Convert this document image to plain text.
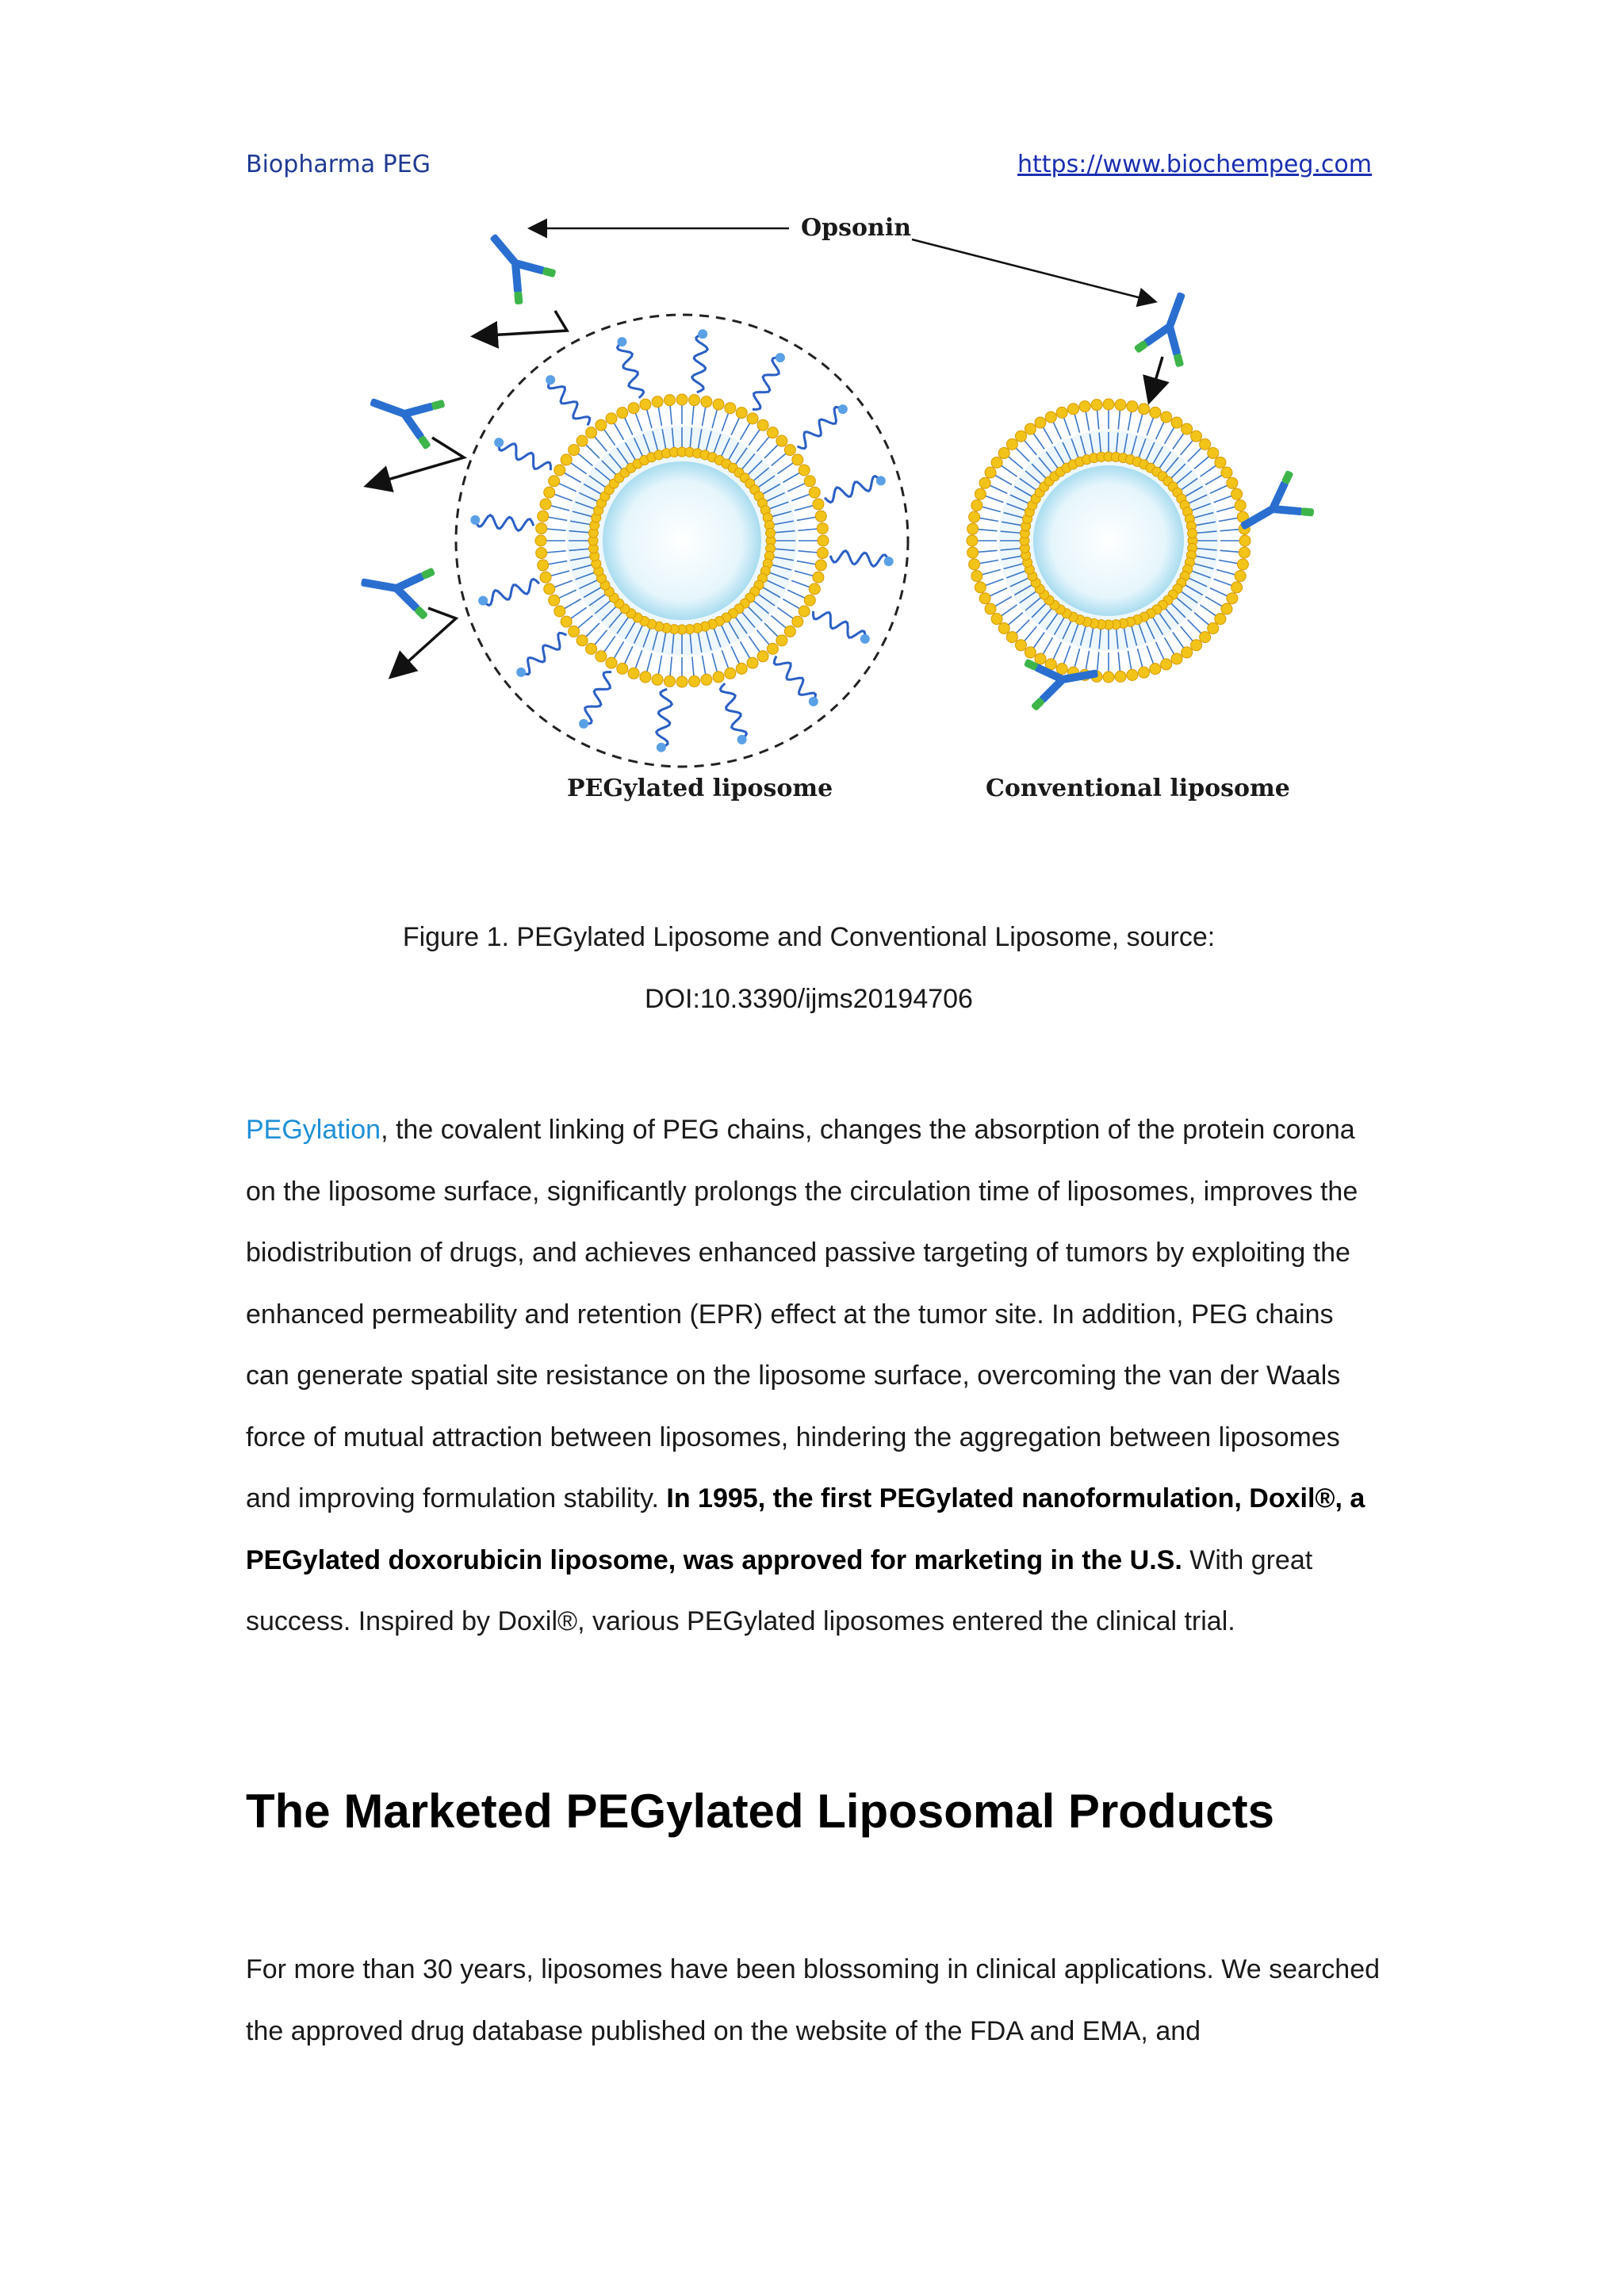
Biopharma PEG	https://www.biochempeg.com
Opsonin
PEGylated liposome	Conventional liposome
Figure 1. PEGylated Liposome and Conventional Liposome, source:
DOI:10.3390/ijms20194706
PEGylation, the covalent linking of PEG chains, changes the absorption of the protein corona on the liposome surface, significantly prolongs the circulation time of liposomes, improves the biodistribution of drugs, and achieves enhanced passive targeting of tumors by exploiting the enhanced permeability and retention (EPR) effect at the tumor site. In addition, PEG chains can generate spatial site resistance on the liposome surface, overcoming the van der Waals force of mutual attraction between liposomes, hindering the aggregation between liposomes and improving formulation stability. In 1995, the first PEGylated nanoformulation, Doxil®, a PEGylated doxorubicin liposome, was approved for marketing in the U.S. With great success. Inspired by Doxil®, various PEGylated liposomes entered the clinical trial.
The Marketed PEGylated Liposomal Products
For more than 30 years, liposomes have been blossoming in clinical applications. We searched the approved drug database published on the website of the FDA and EMA, and
